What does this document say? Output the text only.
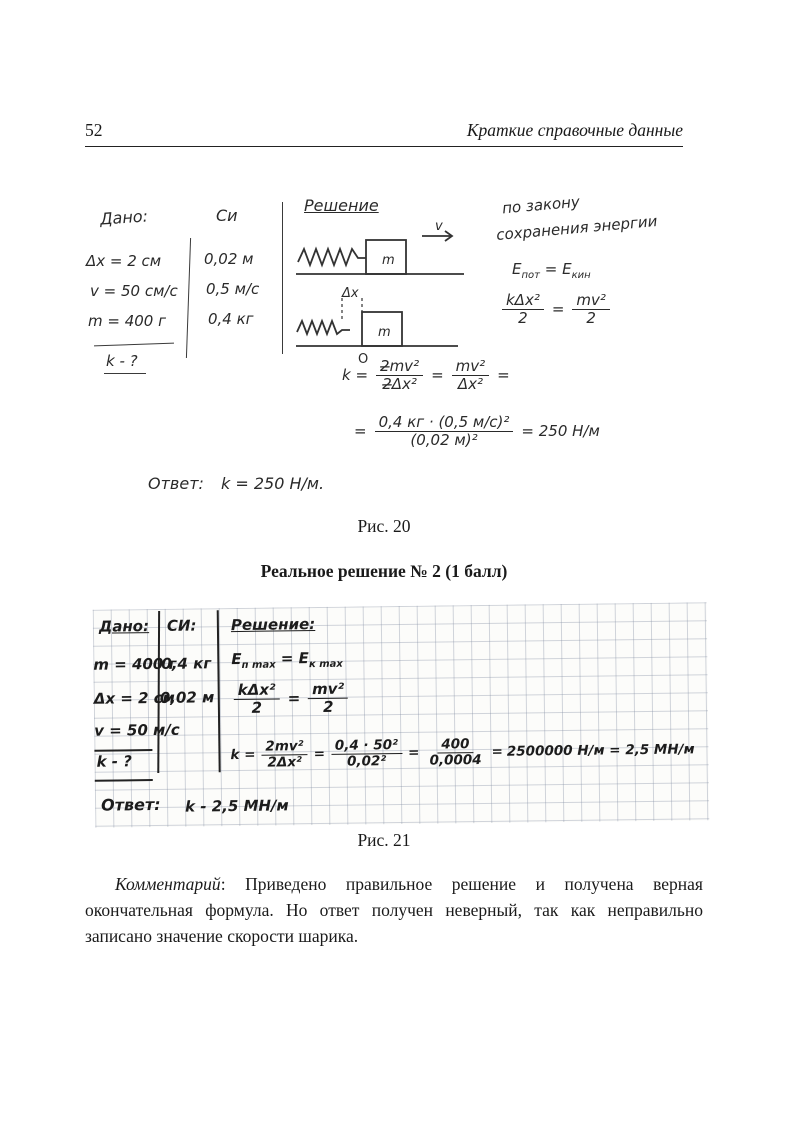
52	Краткие справочные данные
Дано:
Δx = 2 см
v = 50 см/с
m = 400 г
k - ?
Си
0,02 м
0,5 м/с
0,4 кг
Решение
m
v
Δx
m
O
по закону
сохранения энергии
$E_{пот} = E_{кин}$
$\frac{\text{kΔx²}}{2} = \frac{\text{mv²}}{2}$
$k = \frac{\text{2̶mv²}}{\text{2̶Δx²}} = \frac{\text{mv²}}{\text{Δx²}}$ =
= $\frac{\text{0,4 кг · (0,5 м/с)²}}{\text{(0,02 м)²}} = 250$ Н/м
Ответ: k = 250 Н/м.
Рис. 20
Реальное решение № 2 (1 балл)
Дано: СИ: Решение:
m = 400 г
0,4 кг $E_{п max} = E_{к max}$
Δx = 2 см
0,02 м $\frac{\text{kΔx²}}{2} = \frac{\text{mv²}}{2}$
v = 50 м/с
k - ?	$k = \frac{\text{2mv²}}{\text{2Δx²}} = \frac{\text{0,4 · 50²}}{\text{0,02²}} = \frac{400}{0,0004} = 2500000$ Н/м = 2,5 МН/м
Ответ: k - 2,5 МН/м
Рис. 21

Комментарий: Приведено правильное решение и получена верная окончательная формула. Но ответ получен неверный, так как неправильно записано значение скорости шарика.
